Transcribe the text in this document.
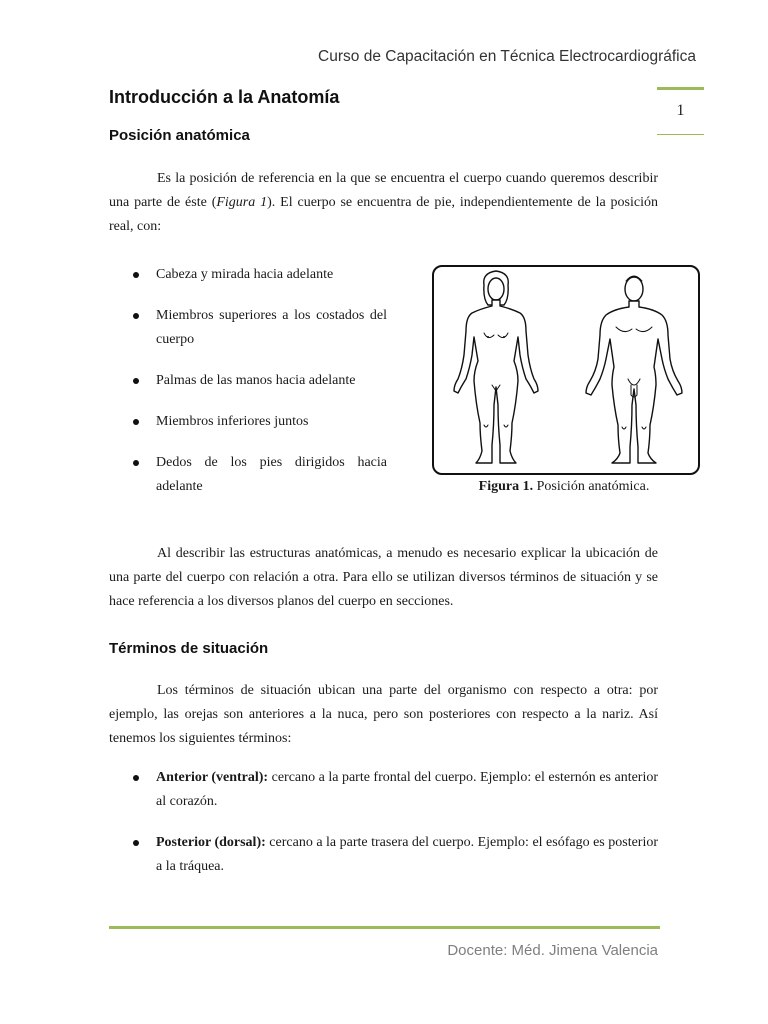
Curso de Capacitación en Técnica Electrocardiográfica
1
Introducción a la Anatomía
Posición anatómica
Es la posición de referencia en la que se encuentra el cuerpo cuando queremos describir una parte de éste (Figura 1). El cuerpo se encuentra de pie, independientemente de la posición real, con:
Cabeza y mirada hacia adelante
Miembros superiores a los costados del cuerpo
Palmas de las manos hacia adelante
Miembros inferiores juntos
Dedos de los pies dirigidos hacia adelante	Figura 1. Posición anatómica.
Al describir las estructuras anatómicas, a menudo es necesario explicar la ubicación de una parte del cuerpo con relación a otra. Para ello se utilizan diversos términos de situación y se hace referencia a los diversos planos del cuerpo en secciones.
Términos de situación
Los términos de situación ubican una parte del organismo con respecto a otra: por ejemplo, las orejas son anteriores a la nuca, pero son posteriores con respecto a la nariz. Así tenemos los siguientes términos:
Anterior (ventral): cercano a la parte frontal del cuerpo. Ejemplo: el esternón es anterior al corazón.
Posterior (dorsal): cercano a la parte trasera del cuerpo. Ejemplo: el esófago es posterior a la tráquea.
Docente: Méd. Jimena Valencia
